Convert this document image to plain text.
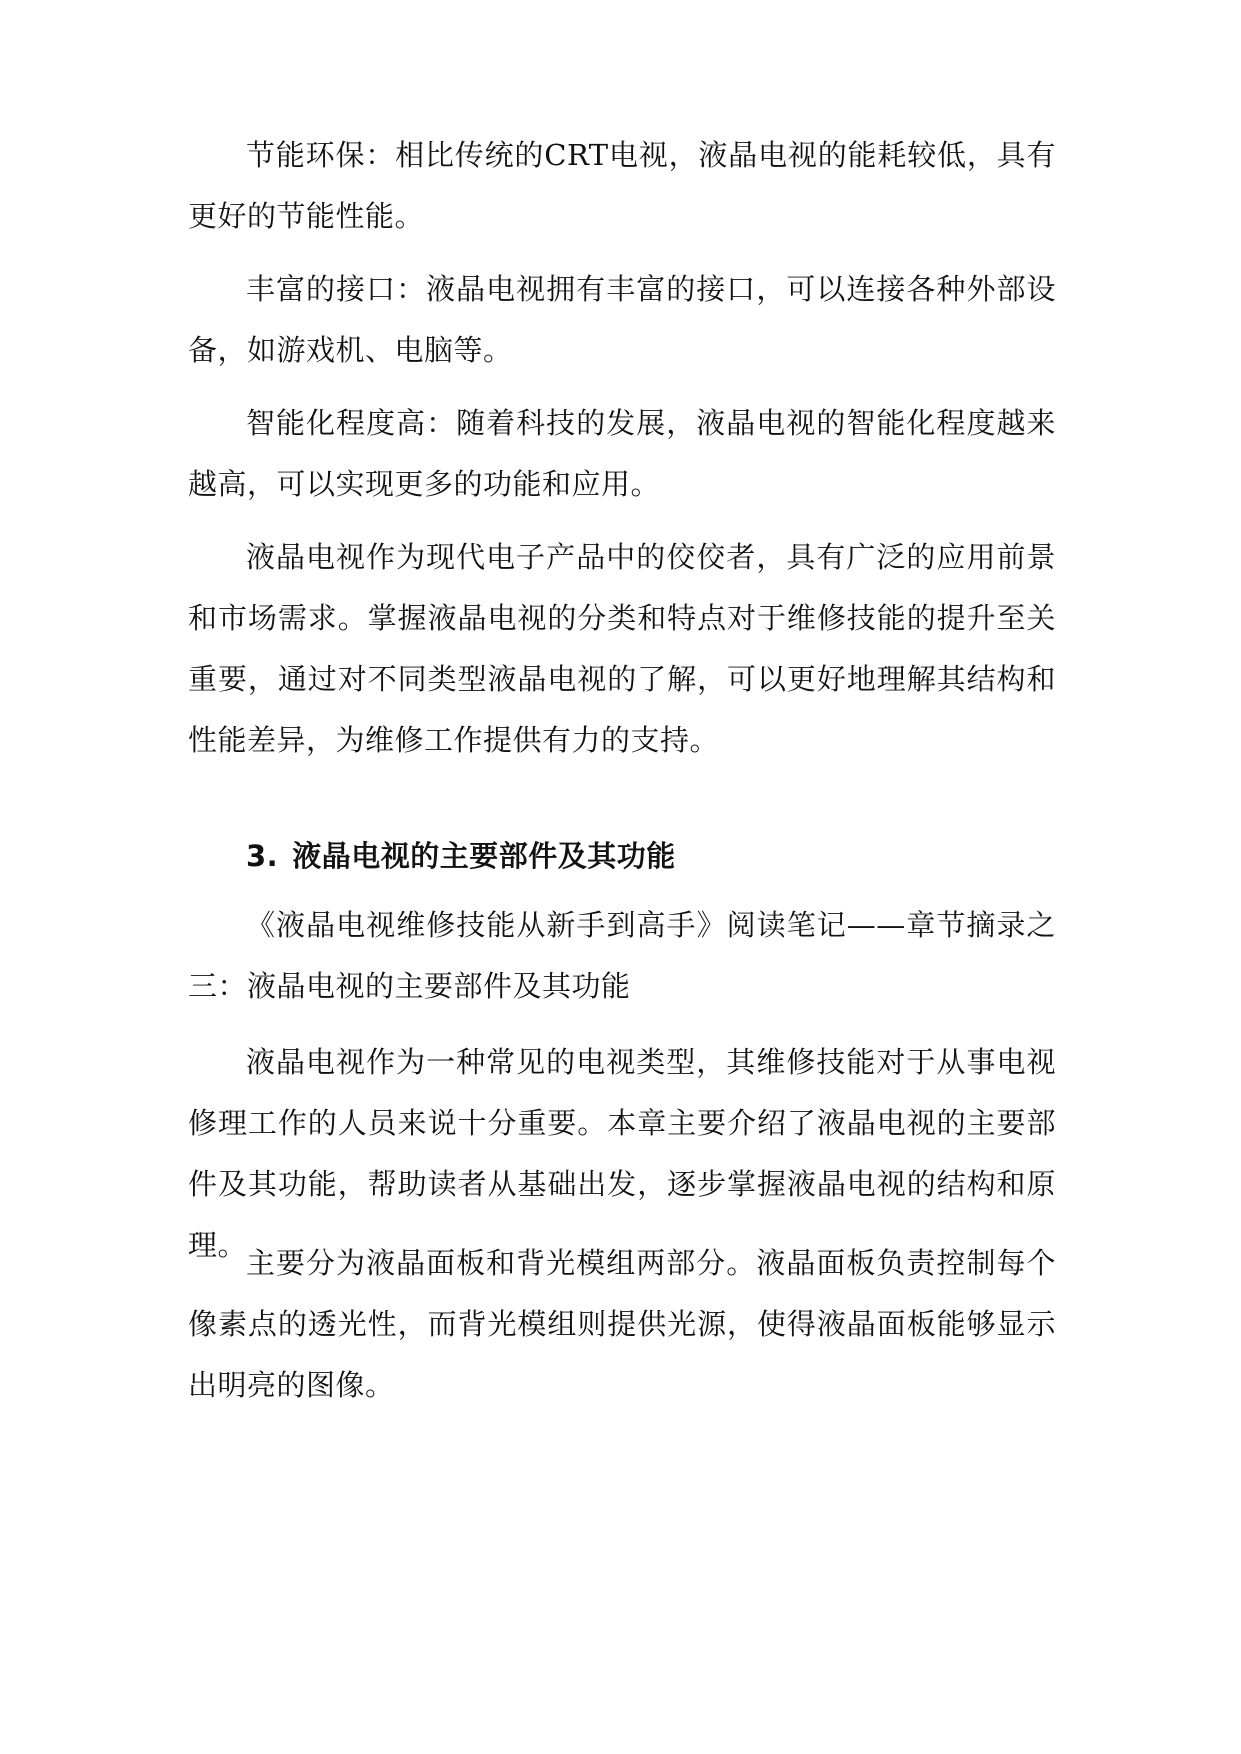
节能环保：相比传统的CRT电视，液晶电视的能耗较低，具有更好的节能性能。

丰富的接口：液晶电视拥有丰富的接口，可以连接各种外部设备，如游戏机、电脑等。

智能化程度高：随着科技的发展，液晶电视的智能化程度越来越高，可以实现更多的功能和应用。

液晶电视作为现代电子产品中的佼佼者，具有广泛的应用前景和市场需求。掌握液晶电视的分类和特点对于维修技能的提升至关重要，通过对不同类型液晶电视的了解，可以更好地理解其结构和性能差异，为维修工作提供有力的支持。

3. 液晶电视的主要部件及其功能

《液晶电视维修技能从新手到高手》阅读笔记——章节摘录之三：液晶电视的主要部件及其功能

液晶电视作为一种常见的电视类型，其维修技能对于从事电视修理工作的人员来说十分重要。本章主要介绍了液晶电视的主要部件及其功能，帮助读者从基础出发，逐步掌握液晶电视的结构和原理。

主要分为液晶面板和背光模组两部分。液晶面板负责控制每个像素点的透光性，而背光模组则提供光源，使得液晶面板能够显示出明亮的图像。
